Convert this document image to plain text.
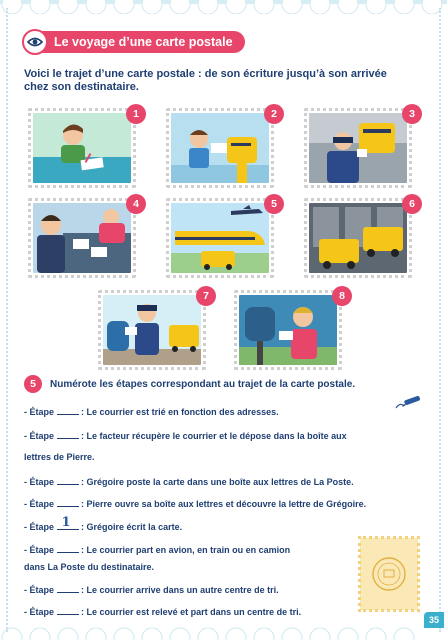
Le voyage d’une carte postale
Voici le trajet d’une carte postale : de son écriture jusqu’à son arrivée
chez son destinataire.
1	2	3
4	5	6
7	8
5	Numérote les étapes correspondant au trajet de la carte postale.
- Étape	: Le courrier est trié en fonction des adresses.
- Étape	: Le facteur récupère le courrier et le dépose dans la boîte aux
lettres de Pierre.
- Étape	: Grégoire poste la carte dans une boîte aux lettres de La Poste.
- Étape	: Pierre ouvre sa boîte aux lettres et découvre la lettre de Grégoire.
- Étape 1 : Grégoire écrit la carte.
- Étape	: Le courrier part en avion, en train ou en camion
dans La Poste du destinataire.
- Étape	: Le courrier arrive dans un autre centre de tri.
- Étape	: Le courrier est relevé et part dans un centre de tri.
35
